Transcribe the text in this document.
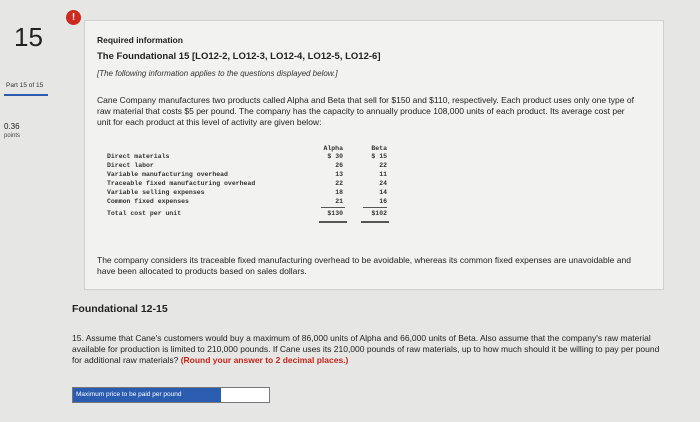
15
Part 15 of 15
0.36
points
!
Required information
The Foundational 15 [LO12-2, LO12-3, LO12-4, LO12-5, LO12-6]
[The following information applies to the questions displayed below.]
Cane Company manufactures two products called Alpha and Beta that sell for $150 and $110, respectively. Each product uses only one type of raw material that costs $5 per pound. The company has the capacity to annually produce 108,000 units of each product. Its average cost per unit for each product at this level of activity are given below:
Alpha	Beta
Direct materials	$ 30	$ 15
Direct labor	26	22
Variable manufacturing overhead	13	11
Traceable fixed manufacturing overhead	22	24
Variable selling expenses	18	14
Common fixed expenses	21	16
Total cost per unit	$130	$102
The company considers its traceable fixed manufacturing overhead to be avoidable, whereas its common fixed expenses are unavoidable and have been allocated to products based on sales dollars.
Foundational 12-15
15. Assume that Cane's customers would buy a maximum of 86,000 units of Alpha and 66,000 units of Beta. Also assume that the company's raw material available for production is limited to 210,000 pounds. If Cane uses its 210,000 pounds of raw materials, up to how much should it be willing to pay per pound for additional raw materials? (Round your answer to 2 decimal places.)
Maximum price to be paid per pound
